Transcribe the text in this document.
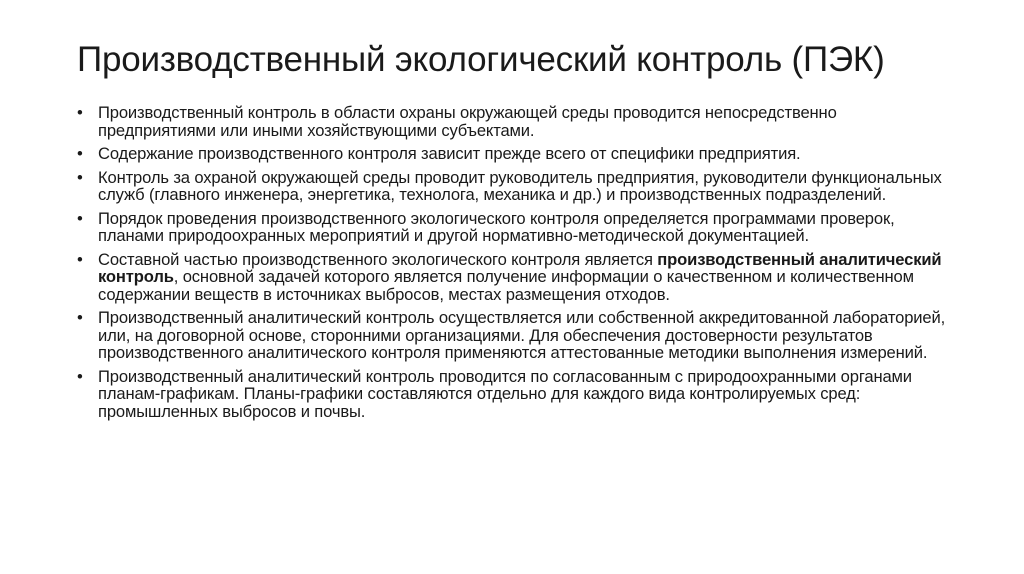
Производственный экологический контроль (ПЭК)
• Производственный контроль в области охраны окружающей среды проводится непосредственно предприятиями или иными хозяйствующими субъектами.
• Содержание производственного контроля зависит прежде всего от специфики предприятия.
• Контроль за охраной окружающей среды проводит руководитель предприятия, руководители функциональных служб (главного инженера, энергетика, технолога, механика и др.) и производственных подразделений.
• Порядок проведения производственного экологического контроля определяется программами проверок, планами природоохранных мероприятий и другой нормативно-методической документацией.
• Составной частью производственного экологического контроля является производственный аналитический контроль, основной задачей которого является получение информации о качественном и количественном содержании веществ в источниках выбросов, местах размещения отходов.
• Производственный аналитический контроль осуществляется или собственной аккредитованной лабораторией, или, на договорной основе, сторонними организациями. Для обеспечения достоверности результатов производственного аналитического контроля применяются аттестованные методики выполнения измерений.
• Производственный аналитический контроль проводится по согласованным с природоохранными органами планам-графикам. Планы-графики составляются отдельно для каждого вида контролируемых сред: промышленных выбросов и почвы.
